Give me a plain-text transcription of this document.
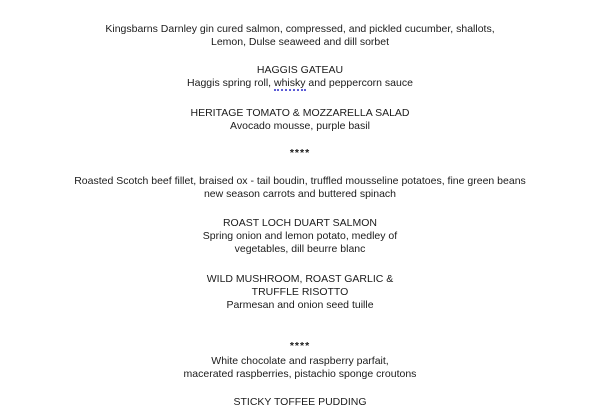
Kingsbarns Darnley gin cured salmon, compressed, and pickled cucumber, shallots,
Lemon, Dulse seaweed and dill sorbet
HAGGIS GATEAU
Haggis spring roll, whisky and peppercorn sauce
HERITAGE TOMATO & MOZZARELLA SALAD
Avocado mousse, purple basil
****
Roasted Scotch beef fillet, braised ox - tail boudin, truffled mousseline potatoes, fine green beans
new season carrots and buttered spinach
ROAST LOCH DUART SALMON
Spring onion and lemon potato, medley of
vegetables, dill beurre blanc
WILD MUSHROOM, ROAST GARLIC &
TRUFFLE RISOTTO
Parmesan and onion seed tuille
****
White chocolate and raspberry parfait,
macerated raspberries, pistachio sponge croutons
STICKY TOFFEE PUDDING
